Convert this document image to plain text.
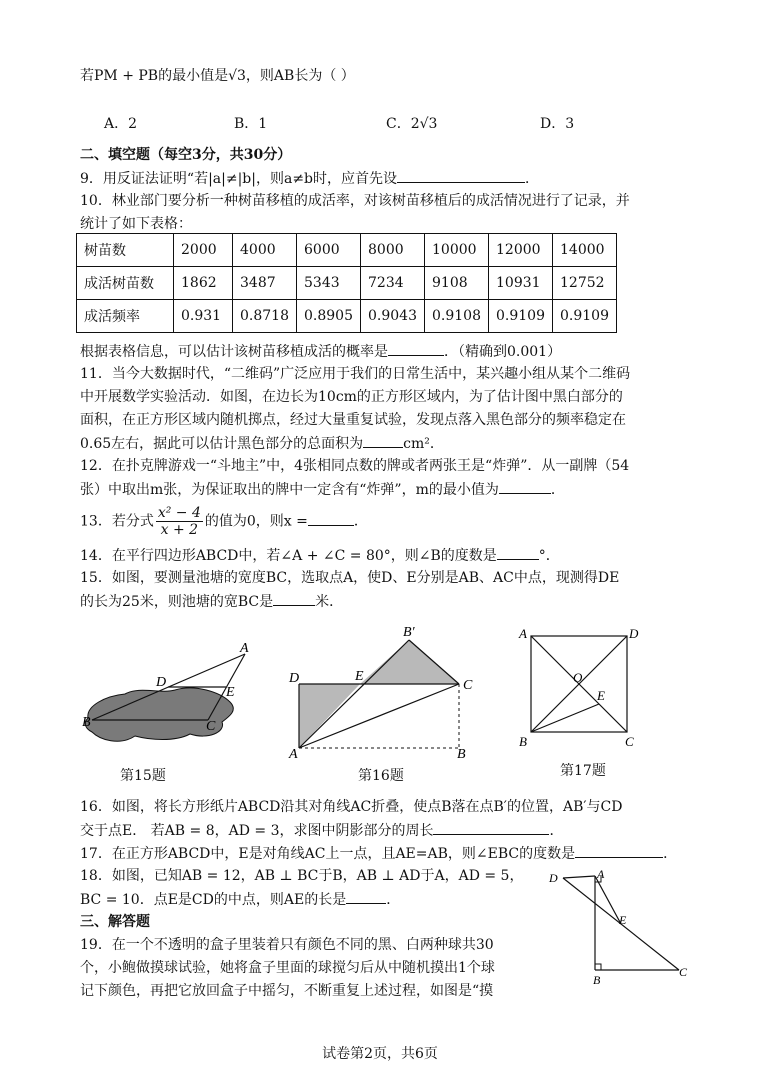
若PM + PB的最小值是√3，则AB长为（ ）
A．2	B．1	C．2√3	D．3
二、填空题（每空3分，共30分）
9．用反证法证明“若|a|≠|b|，则a≠b时，应首先设	．
10．林业部门要分析一种树苗移植的成活率，对该树苗移植后的成活情况进行了记录，并
统计了如下表格：
树苗数	2000	4000	6000	8000	10000	12000	14000
成活树苗数	1862	3487	5343	7234	9108	10931	12752
成活频率	0.931	0.8718	0.8905	0.9043	0.9108	0.9109	0.9109
根据表格信息，可以估计该树苗移植成活的概率是	．（精确到0.001）
11．当今大数据时代，“二维码”广泛应用于我们的日常生活中，某兴趣小组从某个二维码
中开展数学实验活动．如图，在边长为10cm的正方形区域内，为了估计图中黑白部分的
面积，在正方形区域内随机掷点，经过大量重复试验，发现点落入黑色部分的频率稳定在
0.65左右，据此可以估计黑色部分的总面积为	cm²．
12．在扑克牌游戏一“斗地主”中，4张相同点数的牌或者两张王是“炸弹”．从一副牌（54
张）中取出m张，为保证取出的牌中一定含有“炸弹”，m的最小值为	．
13．若分式 $\frac{\text{x² − 4}}{x + 2}$ 的值为0，则x =	．
14．在平行四边形ABCD中，若∠A + ∠C = 80°，则∠B的度数是	°．
15．如图，要测量池塘的宽度BC，选取点A，使D、E分别是AB、AC中点，现测得DE
的长为25米，则池塘的宽BC是	米．
A
D
E
B	C
第15题
B′
D	E
C
A	B
第16题
A	D
O
E
B	C
第17题
16．如图，将长方形纸片ABCD沿其对角线AC折叠，使点B落在点B′的位置，AB′与CD
交于点E． 若AB = 8，AD = 3，求图中阴影部分的周长	．
17．在正方形ABCD中，E是对角线AC上一点，且AE=AB，则∠EBC的度数是	．
18．如图，已知AB = 12，AB ⊥ BC于B，AB ⊥ AD于A，AD = 5，
BC = 10．点E是CD的中点，则AE的长是	．
D	A
E
B
C
三、解答题
19．在一个不透明的盒子里装着只有颜色不同的黑、白两种球共30
个，小鲍做摸球试验，她将盒子里面的球搅匀后从中随机摸出1个球
记下颜色，再把它放回盒子中摇匀，不断重复上述过程，如图是“摸
试卷第2页，共6页
